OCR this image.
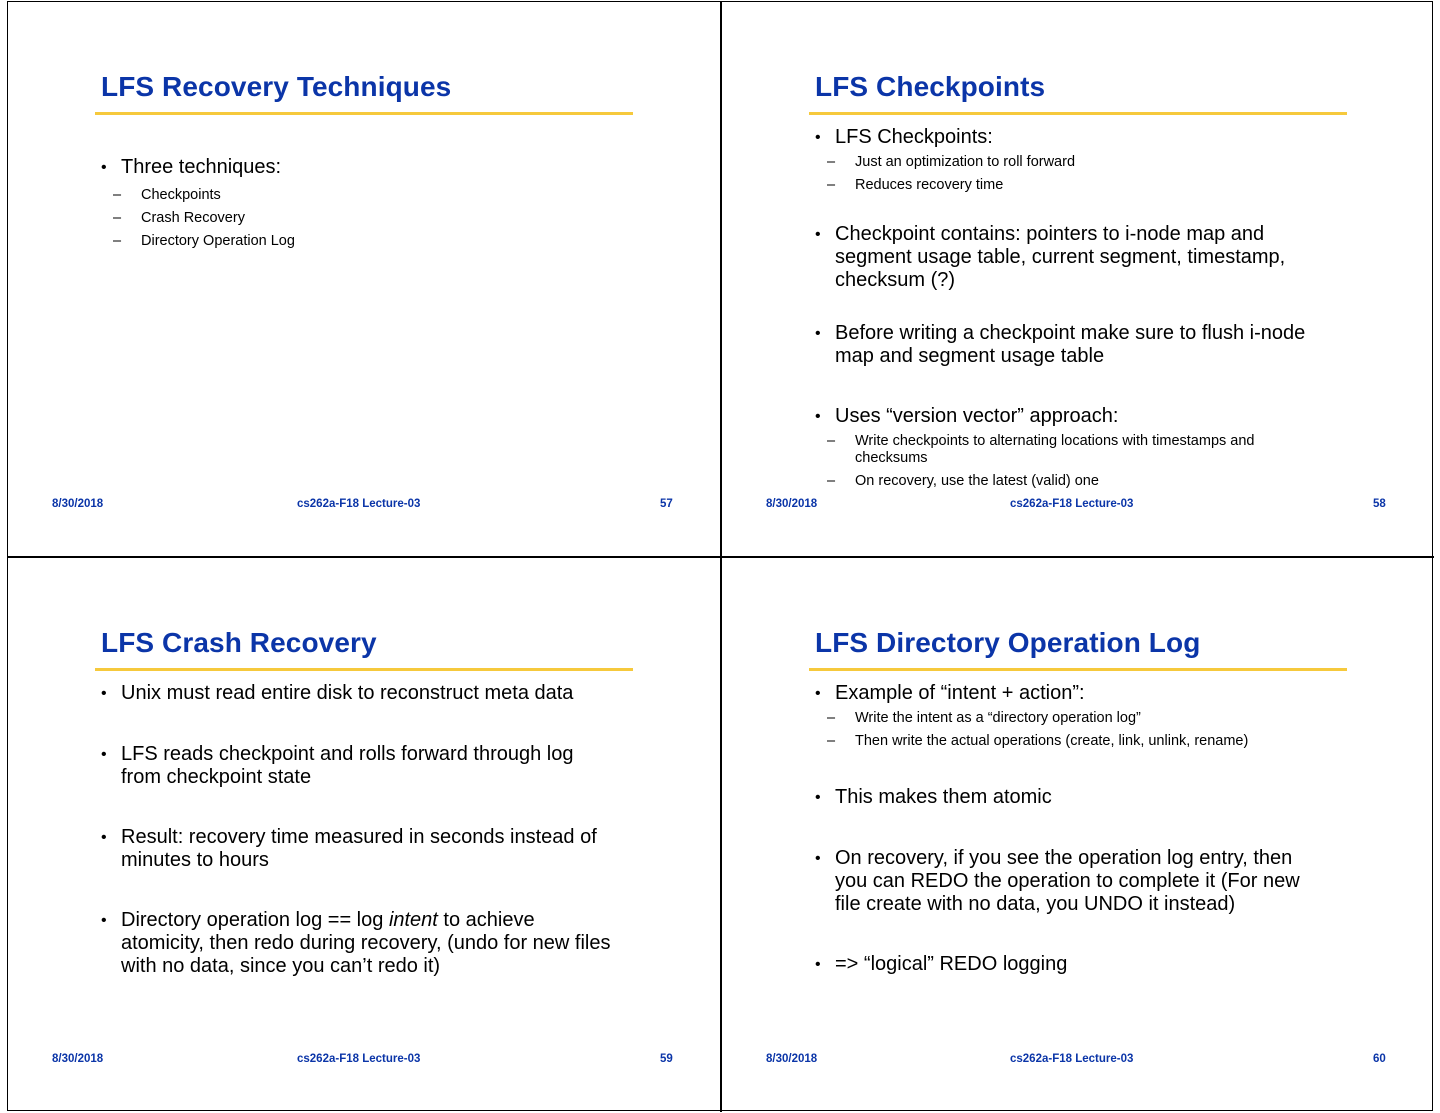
LFS Recovery Techniques
• Three techniques:
– Checkpoints
– Crash Recovery
– Directory Operation Log
8/30/2018	cs262a-F18 Lecture-03	57
LFS Checkpoints
• LFS Checkpoints:
– Just an optimization to roll forward
– Reduces recovery time
• Checkpoint contains: pointers to i-node map and segment usage table, current segment, timestamp, checksum (?)
• Before writing a checkpoint make sure to flush i-node map and segment usage table
• Uses “version vector” approach:
– Write checkpoints to alternating locations with timestamps and checksums
– On recovery, use the latest (valid) one
8/30/2018	cs262a-F18 Lecture-03	58
LFS Crash Recovery
• Unix must read entire disk to reconstruct meta data
• LFS reads checkpoint and rolls forward through log from checkpoint state
• Result: recovery time measured in seconds instead of minutes to hours
• Directory operation log == log intent to achieve atomicity, then redo during recovery, (undo for new files with no data, since you can’t redo it)
8/30/2018	cs262a-F18 Lecture-03	59
LFS Directory Operation Log
• Example of “intent + action”:
– Write the intent as a “directory operation log”
– Then write the actual operations (create, link, unlink, rename)
• This makes them atomic
• On recovery, if you see the operation log entry, then you can REDO the operation to complete it (For new file create with no data, you UNDO it instead)
• => “logical” REDO logging
8/30/2018	cs262a-F18 Lecture-03	60
